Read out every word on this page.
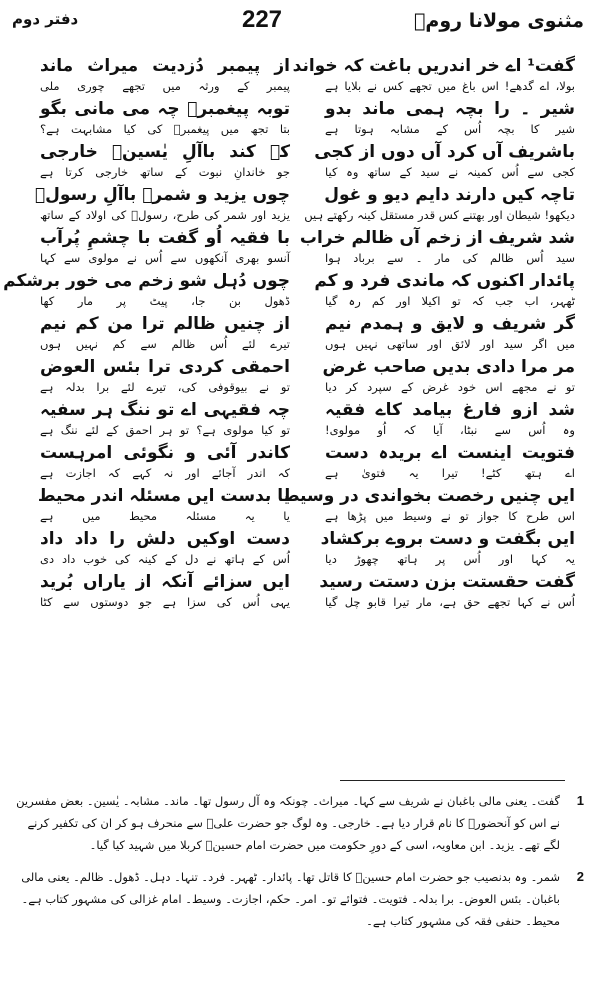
مثنوی مولانا رومؒ
227
دفتر دوم
گفت¹ اے خر اندریں باغت کہ خواند
بولا، اے گدھے! اس باغ میں تجھے کس نے بلایا ہے
شیر ۔ را بچہ ہمی ماند بدو
شیر کا بچہ اُس کے مشابہ ہوتا ہے
باشریف آں کرد آں دوں از کجی
کجی سے اُس کمینہ نے سید کے ساتھ وہ کیا
تاچہ کیں دارند دایم دیو و غول
دیکھو! شیطان اور بھتنے کس قدر مستقل کینہ رکھتے ہیں
شد شریف از زخم آں ظالم خراب
سید اُس ظالم کی مار ۔ سے برباد ہوا
پائدار اکنوں کہ ماندی فرد و کم
ٹھہر، اب جب کہ تو اکیلا اور کم رہ گیا
گر شریف و لایق و ہمدم نیم
میں اگر سید اور لائق اور ساتھی نہیں ہوں
مر مرا دادی بدیں صاحب غرض
تو نے مجھے اس خود غرض کے سپرد کر دیا
شد ازو فارغ بیامد کاے فقیہ
وہ اُس سے نبٹا، آیا کہ اُو مولوی!
فتویت اینست اے بریدہ دست
اے ہتھ کٹے! تیرا یہ فتویٰ ہے
ایں چنیں رخصت بخواندی در وسیط
اس طرح کا جواز تو نے وسیط میں پڑھا ہے
ایں بگفت و دست بروے برکشاد
یہ کہا اور اُس پر ہاتھ چھوڑ دیا
گفت حقستت بزن دستت رسید
اُس نے کہا تجھے حق ہے، مار تیرا قابو چل گیا
از پیمبر دُزدیت میراث ماند
پیمبر کے ورثہ میں تجھے چوری ملی
توبہ پیغمبرؐ چہ می مانی بگو
بتا تجھ میں پیغمبرؐ کی کیا مشابہت ہے؟
کہ کند باآلِ یٰسینؑ خارجی
جو خاندانِ نبوت کے ساتھ خارجی کرتا ہے
چوں یزید و شمرؔ باآلِ رسولؐ
یزید اور شمر کی طرح، رسولؐ کی اولاد کے ساتھ
با فقیہ اُو گفت با چشمِ پُرآب
آنسو بھری آنکھوں سے اُس نے مولوی سے کہا
چوں دُہل شو زخم می خور برشکم
ڈھول بن جا، پیٹ پر مار کھا
از چنیں ظالم ترا من کم نیم
تیرے لئے اُس ظالم سے کم نہیں ہوں
احمقی کردی ترا بئس العوض
تو نے بیوقوفی کی، تیرے لئے برا بدلہ ہے
چہ فقیہی اے تو ننگ ہر سفیہ
تو کیا مولوی ہے؟ تو ہر احمق کے لئے ننگ ہے
کاندر آئی و نگوئی امرہست
کہ اندر آجائے اور نہ کہے کہ اجازت ہے
یا بدست ایں مسئلہ اندر محیط
یا یہ مسئلہ محیط میں ہے
دست اوکیں دلش را داد داد
اُس کے ہاتھ نے دل کے کینہ کی خوب داد دی
ایں سزائے آنکہ از یاراں بُرید
یہی اُس کی سزا ہے جو دوستوں سے کٹا
1
گفت۔ یعنی مالی باغبان نے شریف سے کہا۔ میراث۔ چونکہ وہ آل رسول تھا۔ ماند۔ مشابہ۔ یٰسین۔ بعض مفسرین نے اس کو آنحضورؐ کا نام قرار دیا ہے۔ خارجی۔ وہ لوگ جو حضرت علیؓ سے منحرف ہو کر ان کی تکفیر کرنے لگے تھے۔ یزید۔ ابن معاویہ، اسی کے دورِ حکومت میں حضرت امام حسینؓ کربلا میں شہید کیا گیا۔
2
شمر۔ وہ بدنصیب جو حضرت امام حسینؓ کا قاتل تھا۔ پائدار۔ ٹھہر۔ فرد۔ تنہا۔ دہل۔ ڈھول۔ ظالم۔ یعنی مالی باغبان۔ بئس العوض۔ برا بدلہ۔ فتویت۔ فتوائے تو۔ امر۔ حکم، اجازت۔ وسیط۔ امام غزالی کی مشہور کتاب ہے۔ محیط۔ حنفی فقہ کی مشہور کتاب ہے۔
